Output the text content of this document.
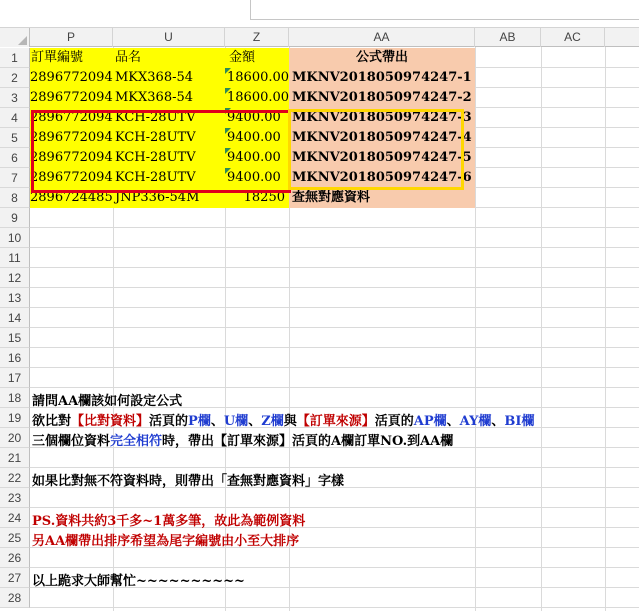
P	U	Z	AA	AB	AC
1
2
3
4
5
6
7
8
9
10
11
12
13
14
15
16
17
18
19
20
21
22
23
24
25
26
27
28
訂單編號	品名	金額	公式帶出
2896772094 MKX368-54	18600.00 MKNV2018050974247-1
2896772094 MKX368-54	18600.00 MKNV2018050974247-2
2896772094 KCH-28UTV	9400.00 MKNV2018050974247-3
2896772094 KCH-28UTV	9400.00 MKNV2018050974247-4
2896772094 KCH-28UTV	9400.00 MKNV2018050974247-5
2896772094 KCH-28UTV	9400.00 MKNV2018050974247-6
2896724485 JNP336-54M	18250 查無對應資料
請問AA欄該如何設定公式
欲比對【比對資料】活頁的P欄、U欄、Z欄與【訂單來源】活頁的AP欄、AY欄、BI欄
三個欄位資料完全相符時，帶出【訂單來源】活頁的A欄訂單NO.到AA欄
如果比對無不符資料時，則帶出「查無對應資料」字樣
PS.資料共約3千多~1萬多筆，故此為範例資料
另AA欄帶出排序希望為尾字編號由小至大排序
以上跪求大師幫忙~~~~~~~~~~
